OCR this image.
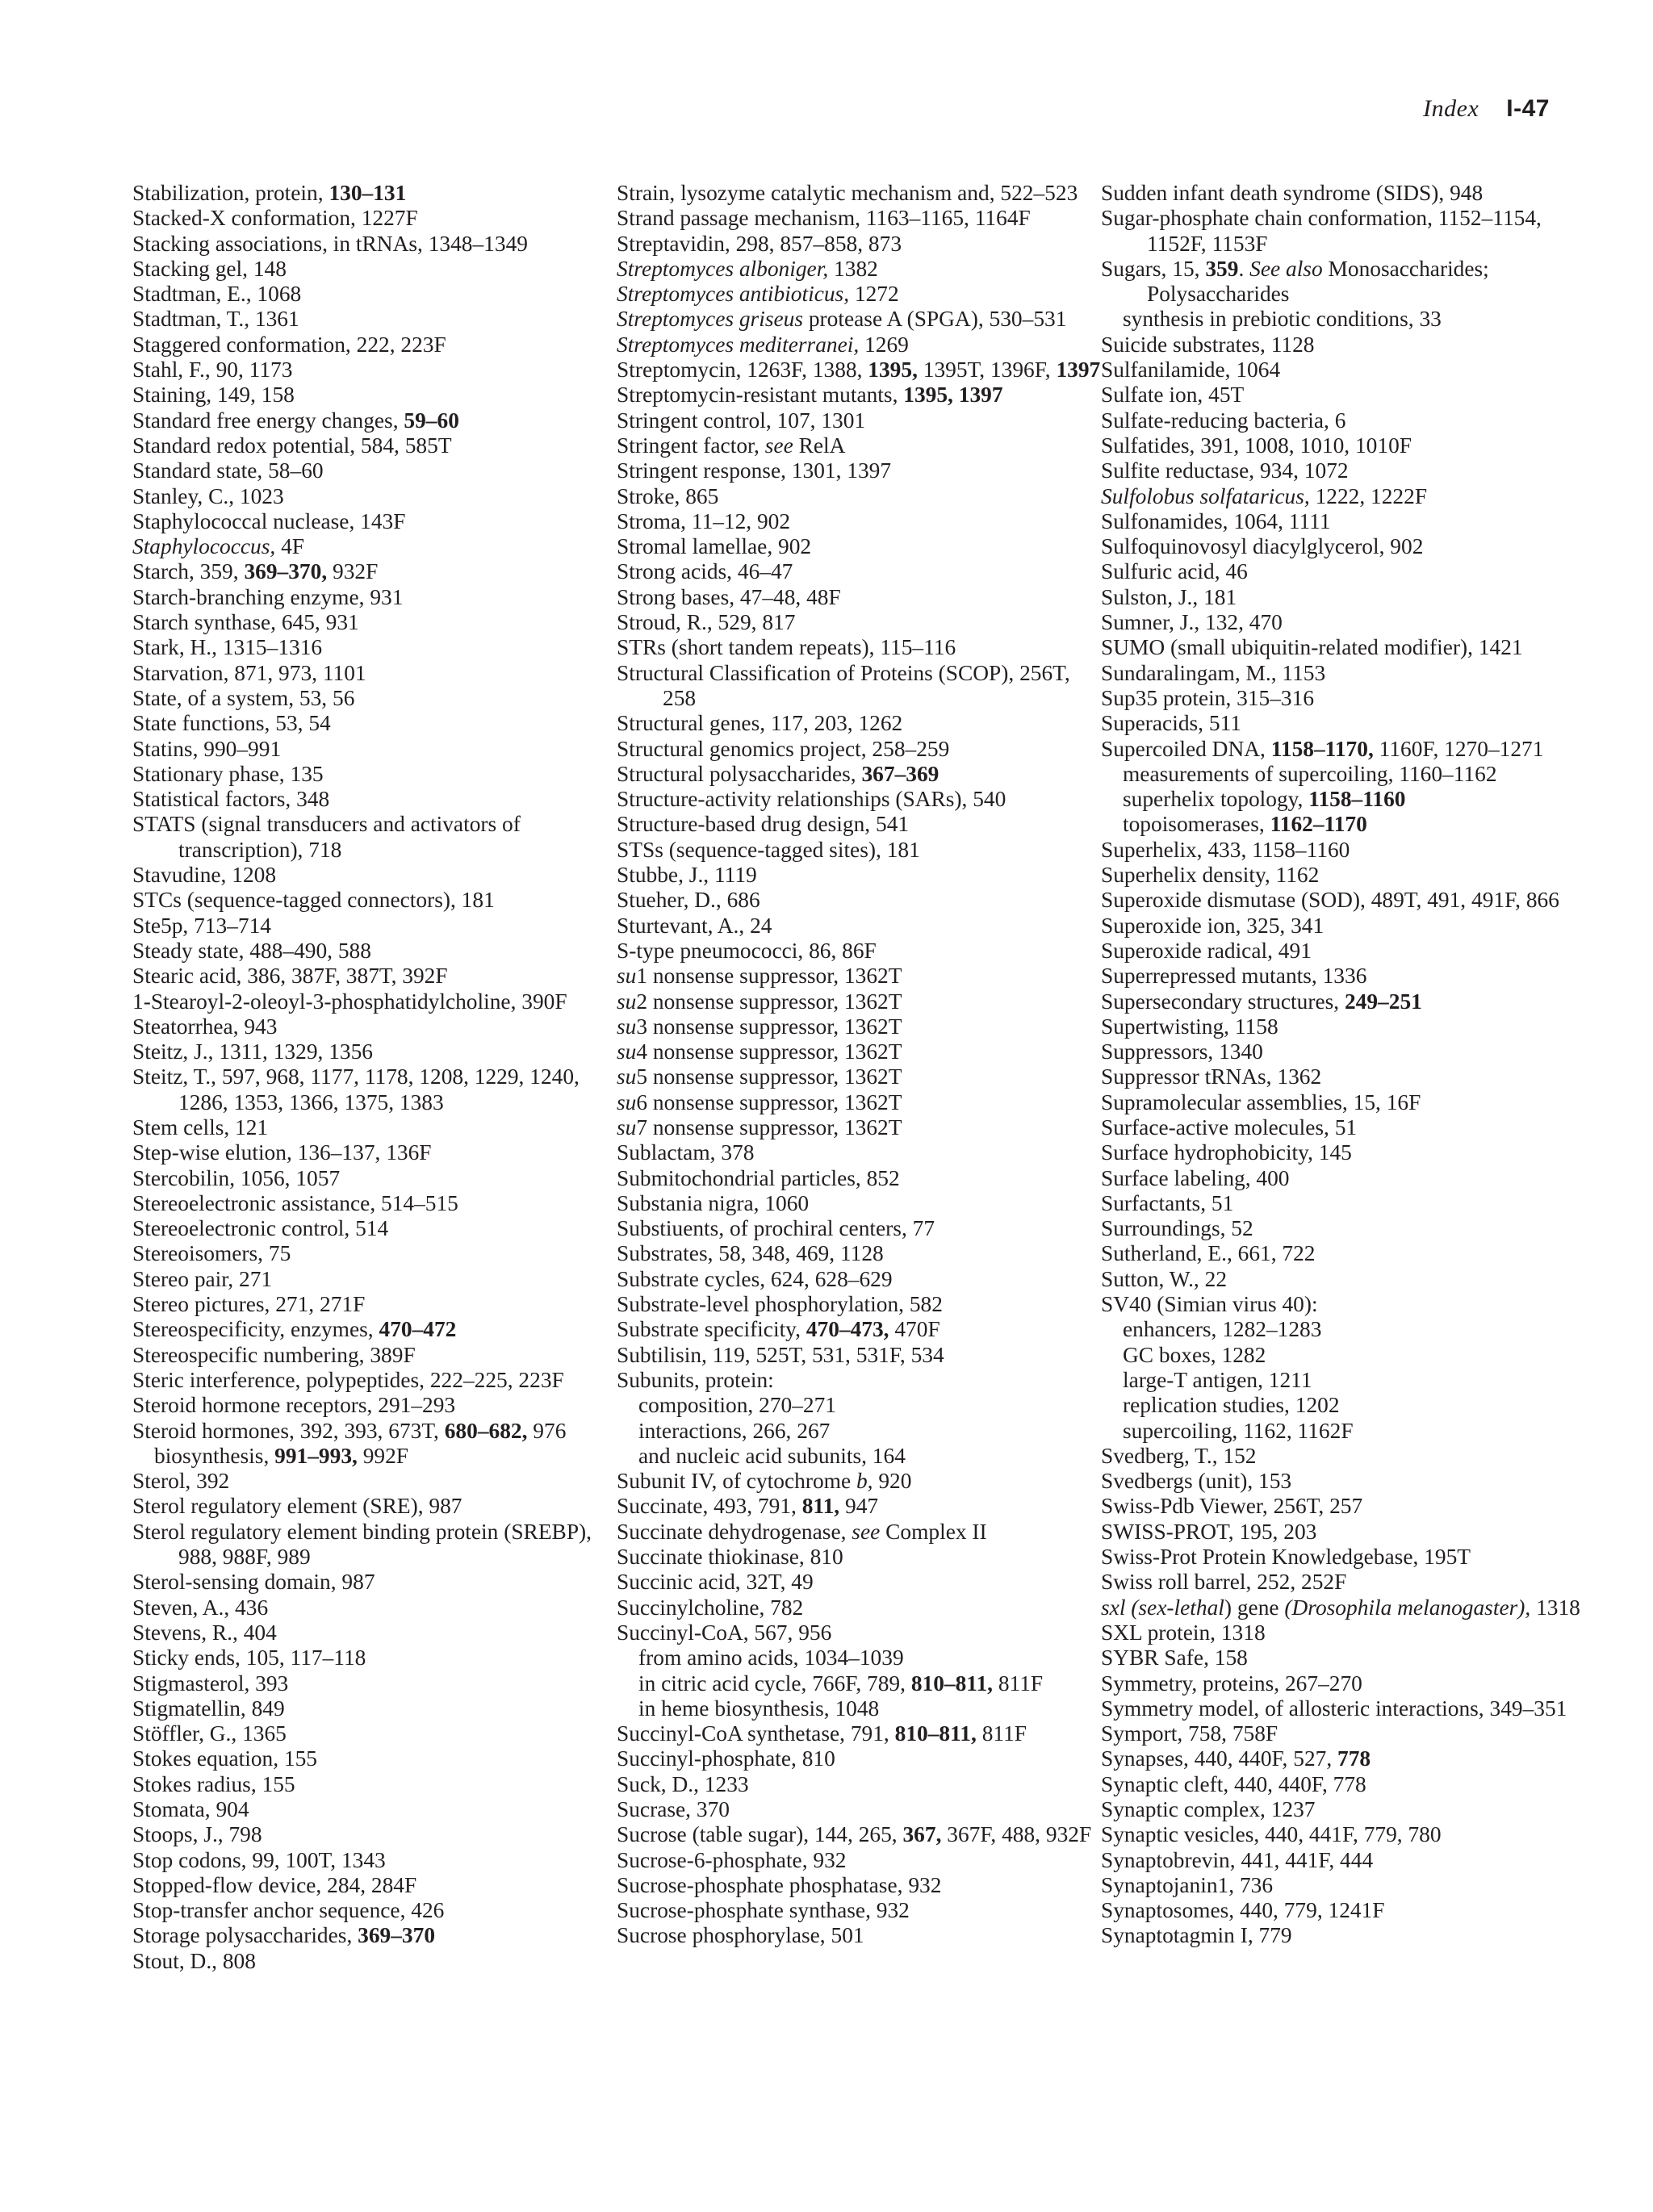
Index I-47
Stabilization, protein, 130–131
Stacked-X conformation, 1227F
Stacking associations, in tRNAs, 1348–1349
Stacking gel, 148
Stadtman, E., 1068
Stadtman, T., 1361
Staggered conformation, 222, 223F
Stahl, F., 90, 1173
Staining, 149, 158
Standard free energy changes, 59–60
Standard redox potential, 584, 585T
Standard state, 58–60
Stanley, C., 1023
Staphylococcal nuclease, 143F
Staphylococcus, 4F
Starch, 359, 369–370, 932F
Starch-branching enzyme, 931
Starch synthase, 645, 931
Stark, H., 1315–1316
Starvation, 871, 973, 1101
State, of a system, 53, 56
State functions, 53, 54
Statins, 990–991
Stationary phase, 135
Statistical factors, 348
STATS (signal transducers and activators of transcription), 718
Stavudine, 1208
STCs (sequence-tagged connectors), 181
Ste5p, 713–714
Steady state, 488–490, 588
Stearic acid, 386, 387F, 387T, 392F
1-Stearoyl-2-oleoyl-3-phosphatidylcholine, 390F
Steatorrhea, 943
Steitz, J., 1311, 1329, 1356
Steitz, T., 597, 968, 1177, 1178, 1208, 1229, 1240, 1286, 1353, 1366, 1375, 1383
Stem cells, 121
Step-wise elution, 136–137, 136F
Stercobilin, 1056, 1057
Stereoelectronic assistance, 514–515
Stereoelectronic control, 514
Stereoisomers, 75
Stereo pair, 271
Stereo pictures, 271, 271F
Stereospecificity, enzymes, 470–472
Stereospecific numbering, 389F
Steric interference, polypeptides, 222–225, 223F
Steroid hormone receptors, 291–293
Steroid hormones, 392, 393, 673T, 680–682, 976
biosynthesis, 991–993, 992F
Sterol, 392
Sterol regulatory element (SRE), 987
Sterol regulatory element binding protein (SREBP), 988, 988F, 989
Sterol-sensing domain, 987
Steven, A., 436
Stevens, R., 404
Sticky ends, 105, 117–118
Stigmasterol, 393
Stigmatellin, 849
Stöffler, G., 1365
Stokes equation, 155
Stokes radius, 155
Stomata, 904
Stoops, J., 798
Stop codons, 99, 100T, 1343
Stopped-flow device, 284, 284F
Stop-transfer anchor sequence, 426
Storage polysaccharides, 369–370
Stout, D., 808
Strain, lysozyme catalytic mechanism and, 522–523
Strand passage mechanism, 1163–1165, 1164F
Streptavidin, 298, 857–858, 873
Streptomyces alboniger, 1382
Streptomyces antibioticus, 1272
Streptomyces griseus protease A (SPGA), 530–531
Streptomyces mediterranei, 1269
Streptomycin, 1263F, 1388, 1395, 1395T, 1396F, 1397
Streptomycin-resistant mutants, 1395, 1397
Stringent control, 107, 1301
Stringent factor, see RelA
Stringent response, 1301, 1397
Stroke, 865
Stroma, 11–12, 902
Stromal lamellae, 902
Strong acids, 46–47
Strong bases, 47–48, 48F
Stroud, R., 529, 817
STRs (short tandem repeats), 115–116
Structural Classification of Proteins (SCOP), 256T, 258
Structural genes, 117, 203, 1262
Structural genomics project, 258–259
Structural polysaccharides, 367–369
Structure-activity relationships (SARs), 540
Structure-based drug design, 541
STSs (sequence-tagged sites), 181
Stubbe, J., 1119
Stueher, D., 686
Sturtevant, A., 24
S-type pneumococci, 86, 86F
su1 nonsense suppressor, 1362T
su2 nonsense suppressor, 1362T
su3 nonsense suppressor, 1362T
su4 nonsense suppressor, 1362T
su5 nonsense suppressor, 1362T
su6 nonsense suppressor, 1362T
su7 nonsense suppressor, 1362T
Sublactam, 378
Submitochondrial particles, 852
Substania nigra, 1060
Substiuents, of prochiral centers, 77
Substrates, 58, 348, 469, 1128
Substrate cycles, 624, 628–629
Substrate-level phosphorylation, 582
Substrate specificity, 470–473, 470F
Subtilisin, 119, 525T, 531, 531F, 534
Subunits, protein:
composition, 270–271
interactions, 266, 267
and nucleic acid subunits, 164
Subunit IV, of cytochrome b, 920
Succinate, 493, 791, 811, 947
Succinate dehydrogenase, see Complex II
Succinate thiokinase, 810
Succinic acid, 32T, 49
Succinylcholine, 782
Succinyl-CoA, 567, 956
from amino acids, 1034–1039
in citric acid cycle, 766F, 789, 810–811, 811F
in heme biosynthesis, 1048
Succinyl-CoA synthetase, 791, 810–811, 811F
Succinyl-phosphate, 810
Suck, D., 1233
Sucrase, 370
Sucrose (table sugar), 144, 265, 367, 367F, 488, 932F
Sucrose-6-phosphate, 932
Sucrose-phosphate phosphatase, 932
Sucrose-phosphate synthase, 932
Sucrose phosphorylase, 501
Sudden infant death syndrome (SIDS), 948
Sugar-phosphate chain conformation, 1152–1154, 1152F, 1153F
Sugars, 15, 359. See also Monosaccharides; Polysaccharides
synthesis in prebiotic conditions, 33
Suicide substrates, 1128
Sulfanilamide, 1064
Sulfate ion, 45T
Sulfate-reducing bacteria, 6
Sulfatides, 391, 1008, 1010, 1010F
Sulfite reductase, 934, 1072
Sulfolobus solfataricus, 1222, 1222F
Sulfonamides, 1064, 1111
Sulfoquinovosyl diacylglycerol, 902
Sulfuric acid, 46
Sulston, J., 181
Sumner, J., 132, 470
SUMO (small ubiquitin-related modifier), 1421
Sundaralingam, M., 1153
Sup35 protein, 315–316
Superacids, 511
Supercoiled DNA, 1158–1170, 1160F, 1270–1271
measurements of supercoiling, 1160–1162
superhelix topology, 1158–1160
topoisomerases, 1162–1170
Superhelix, 433, 1158–1160
Superhelix density, 1162
Superoxide dismutase (SOD), 489T, 491, 491F, 866
Superoxide ion, 325, 341
Superoxide radical, 491
Superrepressed mutants, 1336
Supersecondary structures, 249–251
Supertwisting, 1158
Suppressors, 1340
Suppressor tRNAs, 1362
Supramolecular assemblies, 15, 16F
Surface-active molecules, 51
Surface hydrophobicity, 145
Surface labeling, 400
Surfactants, 51
Surroundings, 52
Sutherland, E., 661, 722
Sutton, W., 22
SV40 (Simian virus 40):
enhancers, 1282–1283
GC boxes, 1282
large-T antigen, 1211
replication studies, 1202
supercoiling, 1162, 1162F
Svedberg, T., 152
Svedbergs (unit), 153
Swiss-Pdb Viewer, 256T, 257
SWISS-PROT, 195, 203
Swiss-Prot Protein Knowledgebase, 195T
Swiss roll barrel, 252, 252F
sxl (sex-lethal) gene (Drosophila melanogaster), 1318
SXL protein, 1318
SYBR Safe, 158
Symmetry, proteins, 267–270
Symmetry model, of allosteric interactions, 349–351
Symport, 758, 758F
Synapses, 440, 440F, 527, 778
Synaptic cleft, 440, 440F, 778
Synaptic complex, 1237
Synaptic vesicles, 440, 441F, 779, 780
Synaptobrevin, 441, 441F, 444
Synaptojanin1, 736
Synaptosomes, 440, 779, 1241F
Synaptotagmin I, 779
